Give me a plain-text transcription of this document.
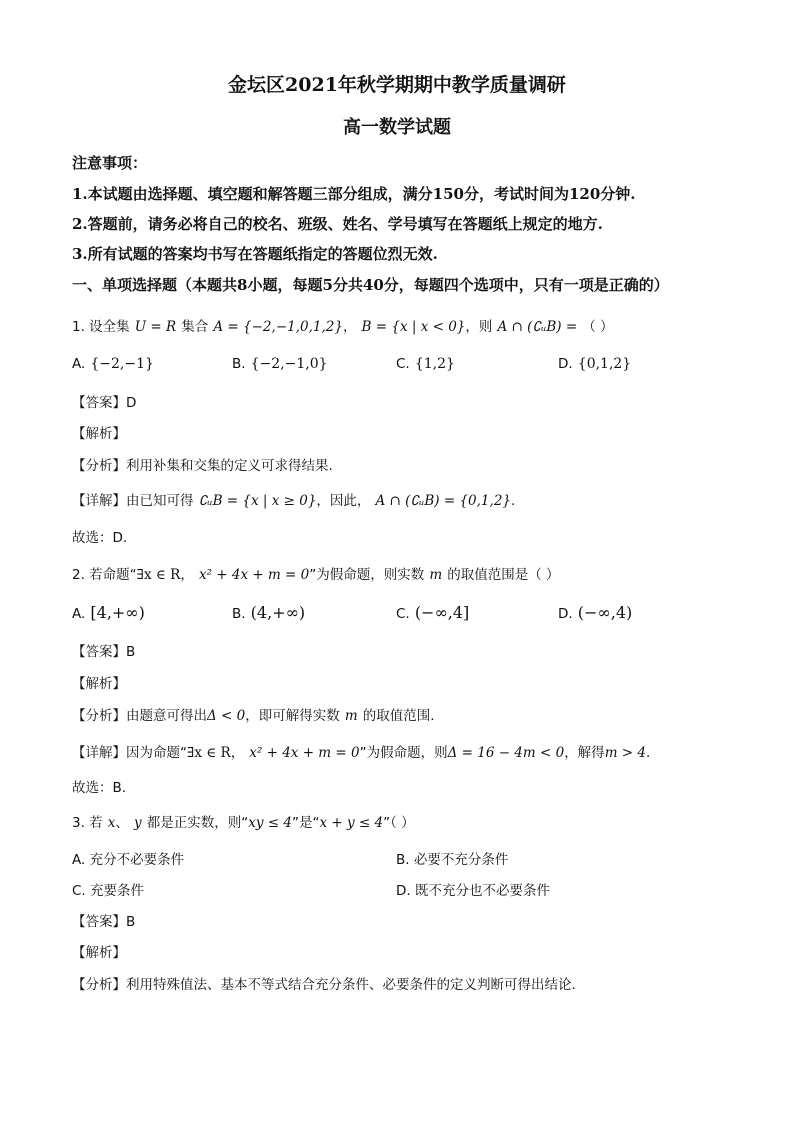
金坛区2021年秋学期期中教学质量调研
高一数学试题
注意事项：
1.本试题由选择题、填空题和解答题三部分组成，满分150分，考试时间为120分钟.
2.答题前，请务必将自己的校名、班级、姓名、学号填写在答题纸上规定的地方.
3.所有试题的答案均书写在答题纸指定的答题位烈无效.
一、单项选择题（本题共8小题，每题5分共40分，每题四个选项中，只有一项是正确的）
1. 设全集 U = R 集合 A = {−2,−1,0,1,2}， B = {x | x < 0}，则 A ∩ (∁ᵤB) = （ ）
A. {−2,−1}	B. {−2,−1,0}	C. {1,2}	D. {0,1,2}
【答案】D
【解析】
【分析】利用补集和交集的定义可求得结果.
【详解】由已知可得 ∁ᵤB = {x | x ≥ 0}，因此， A ∩ (∁ᵤB) = {0,1,2}.
故选：D.
2. 若命题“∃x ∈ R， x² + 4x + m = 0”为假命题，则实数 m 的取值范围是（ ）
A. [4,+∞)	B. (4,+∞)	C. (−∞,4]	D. (−∞,4)
【答案】B
【解析】
【分析】由题意可得出Δ < 0，即可解得实数 m 的取值范围.
【详解】因为命题“∃x ∈ R， x² + 4x + m = 0”为假命题，则Δ = 16 − 4m < 0，解得m > 4.
故选：B.
3. 若 x、 y 都是正实数，则“xy ≤ 4”是“x + y ≤ 4”（ ）
A. 充分不必要条件	B. 必要不充分条件
C. 充要条件	D. 既不充分也不必要条件
【答案】B
【解析】
【分析】利用特殊值法、基本不等式结合充分条件、必要条件的定义判断可得出结论.
